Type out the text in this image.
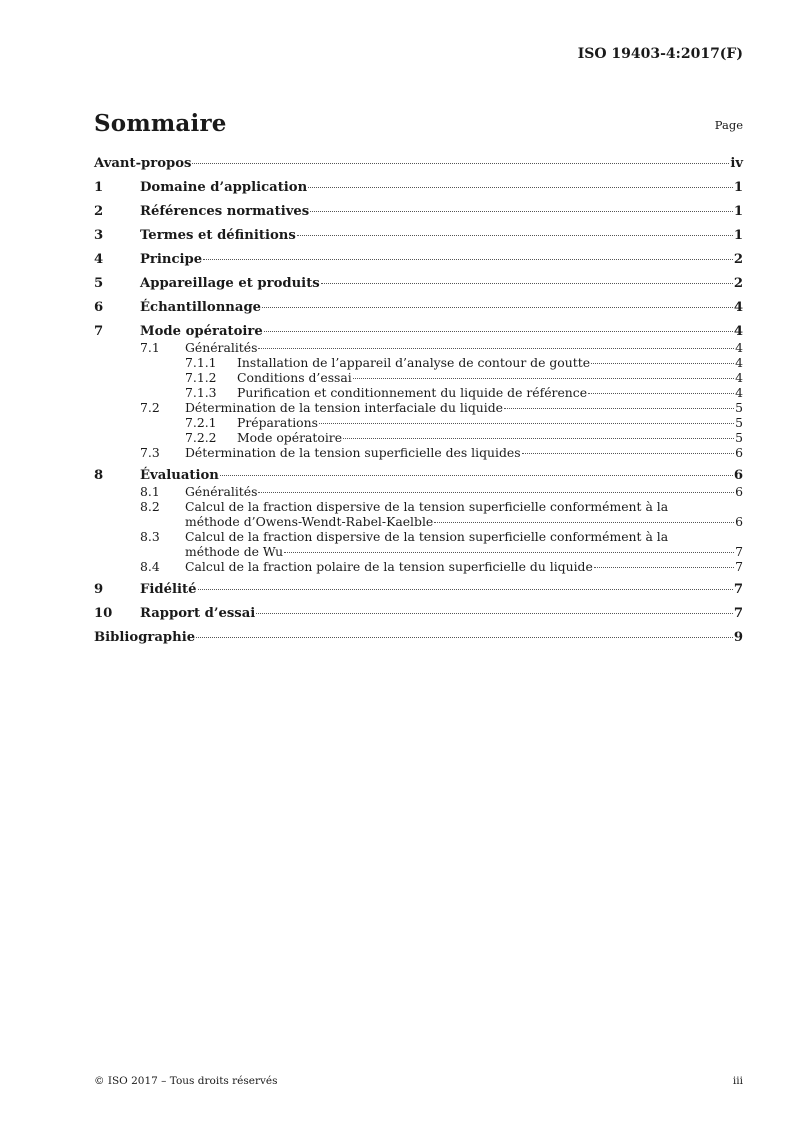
ISO 19403-4:2017(F)
Sommaire	Page
Avant-propos	iv
1	Domaine d’application	1
2	Références normatives	1
3	Termes et définitions	1
4	Principe	2
5	Appareillage et produits	2
6	Échantillonnage	4
7	Mode opératoire	4
7.1	Généralités	4
7.1.1	Installation de l’appareil d’analyse de contour de goutte	4
7.1.2	Conditions d’essai	4
7.1.3	Purification et conditionnement du liquide de référence	4
7.2	Détermination de la tension interfaciale du liquide	5
7.2.1	Préparations	5
7.2.2	Mode opératoire	5
7.3	Détermination de la tension superficielle des liquides	6
8	Évaluation	6
8.1	Généralités	6
8.2	Calcul de la fraction dispersive de la tension superficielle conformément à la
méthode d’Owens-Wendt-Rabel-Kaelble	6
8.3	Calcul de la fraction dispersive de la tension superficielle conformément à la
méthode de Wu	7
8.4	Calcul de la fraction polaire de la tension superficielle du liquide	7
9	Fidélité	7
10	Rapport d’essai	7
Bibliographie	9
© ISO 2017 – Tous droits réservés	iii
